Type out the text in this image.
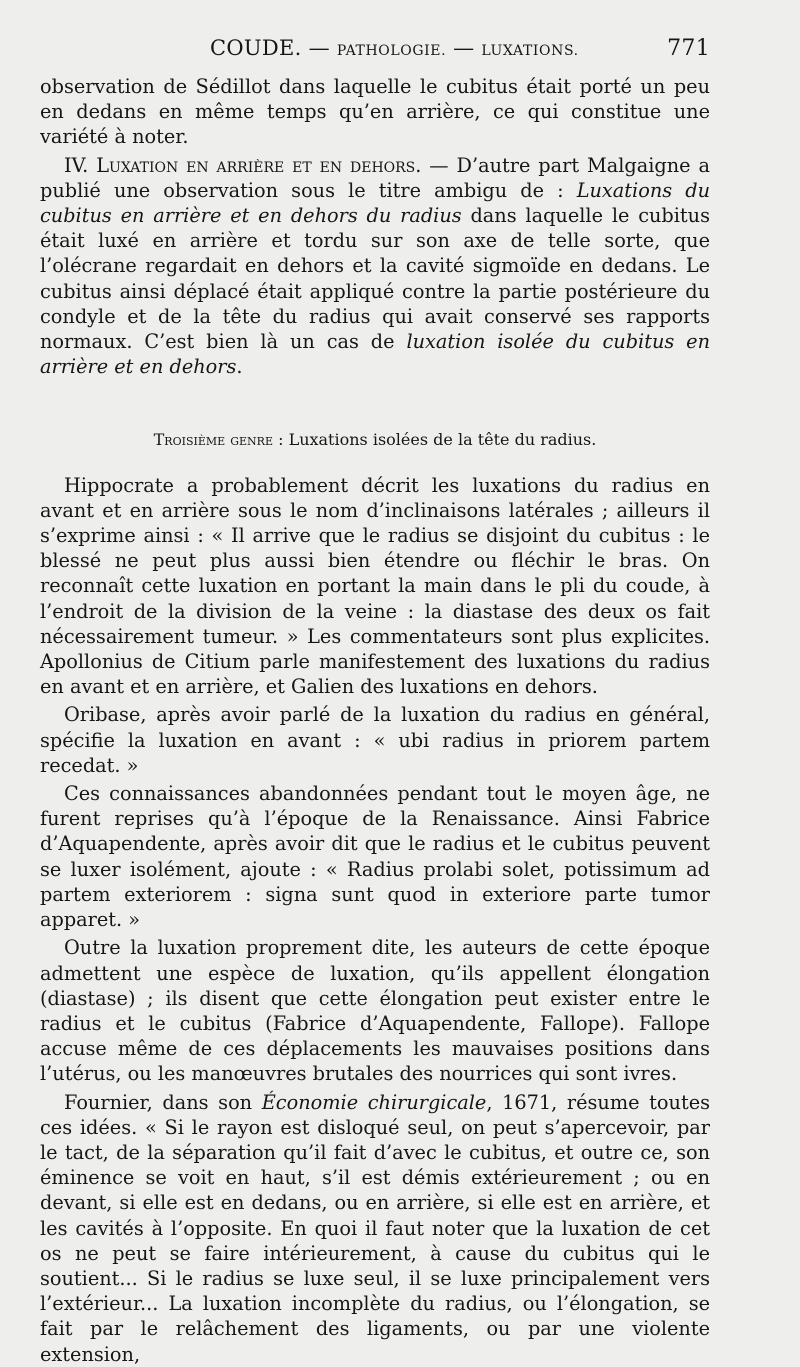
COUDE. — PATHOLOGIE. — LUXATIONS.	771

observation de Sédillot dans laquelle le cubitus était porté un peu en dedans en même temps qu’en arrière, ce qui constitue une variété à noter.

IV. Luxation en arrière et en dehors. — D’autre part Malgaigne a publié une observation sous le titre ambigu de : Luxations du cubitus en arrière et en dehors du radius dans laquelle le cubitus était luxé en arrière et tordu sur son axe de telle sorte, que l’olécrane regardait en dehors et la cavité sigmoïde en dedans. Le cubitus ainsi déplacé était appliqué contre la partie postérieure du condyle et de la tête du radius qui avait conservé ses rapports normaux. C’est bien là un cas de luxation isolée du cubitus en arrière et en dehors.

Troisième genre : Luxations isolées de la tête du radius.

Hippocrate a probablement décrit les luxations du radius en avant et en arrière sous le nom d’inclinaisons latérales ; ailleurs il s’exprime ainsi : « Il arrive que le radius se disjoint du cubitus : le blessé ne peut plus aussi bien étendre ou fléchir le bras. On reconnaît cette luxation en portant la main dans le pli du coude, à l’endroit de la division de la veine : la diastase des deux os fait nécessairement tumeur. » Les commentateurs sont plus explicites. Apollonius de Citium parle manifestement des luxations du radius en avant et en arrière, et Galien des luxations en dehors.

Oribase, après avoir parlé de la luxation du radius en général, spécifie la luxation en avant : « ubi radius in priorem partem recedat. »

Ces connaissances abandonnées pendant tout le moyen âge, ne furent reprises qu’à l’époque de la Renaissance. Ainsi Fabrice d’Aquapendente, après avoir dit que le radius et le cubitus peuvent se luxer isolément, ajoute : « Radius prolabi solet, potissimum ad partem exteriorem : signa sunt quod in exteriore parte tumor apparet. »

Outre la luxation proprement dite, les auteurs de cette époque admettent une espèce de luxation, qu’ils appellent élongation (diastase) ; ils disent que cette élongation peut exister entre le radius et le cubitus (Fabrice d’Aquapendente, Fallope). Fallope accuse même de ces déplacements les mauvaises positions dans l’utérus, ou les manœuvres brutales des nourrices qui sont ivres.

Fournier, dans son Économie chirurgicale, 1671, résume toutes ces idées. « Si le rayon est disloqué seul, on peut s’apercevoir, par le tact, de la séparation qu’il fait d’avec le cubitus, et outre ce, son éminence se voit en haut, s’il est démis extérieurement ; ou en devant, si elle est en dedans, ou en arrière, si elle est en arrière, et les cavités à l’opposite. En quoi il faut noter que la luxation de cet os ne peut se faire intérieurement, à cause du cubitus qui le soutient... Si le radius se luxe seul, il se luxe principalement vers l’extérieur... La luxation incomplète du radius, ou l’élongation, se fait par le relâchement des ligaments, ou par une violente extension,
